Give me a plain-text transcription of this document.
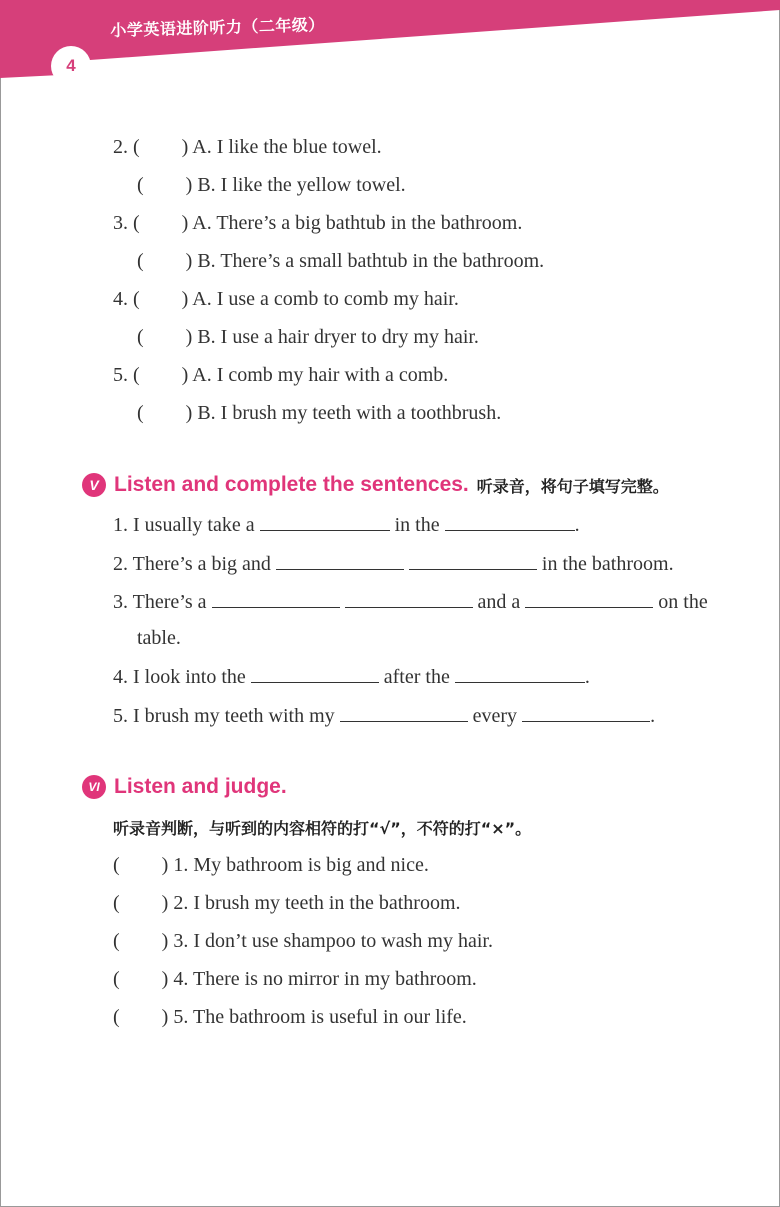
小学英语进阶听力（二年级）
4
2. ( ) A. I like the blue towel.
( ) B. I like the yellow towel.
3. ( ) A. There’s a big bathtub in the bathroom.
( ) B. There’s a small bathtub in the bathroom.
4. ( ) A. I use a comb to comb my hair.
( ) B. I use a hair dryer to dry my hair.
5. ( ) A. I comb my hair with a comb.
( ) B. I brush my teeth with a toothbrush.
V Listen and complete the sentences. 听录音，将句子填写完整。
1. I usually take a	in the	.
2. There’s a big and	in the bathroom.
3. There’s a	and a	on the
table.
4. I look into the	after the	.
5. I brush my teeth with my	every	.
VI Listen and judge.
听录音判断，与听到的内容相符的打“√”，不符的打“×”。
( ) 1. My bathroom is big and nice.
( ) 2. I brush my teeth in the bathroom.
( ) 3. I don’t use shampoo to wash my hair.
( ) 4. There is no mirror in my bathroom.
( ) 5. The bathroom is useful in our life.
